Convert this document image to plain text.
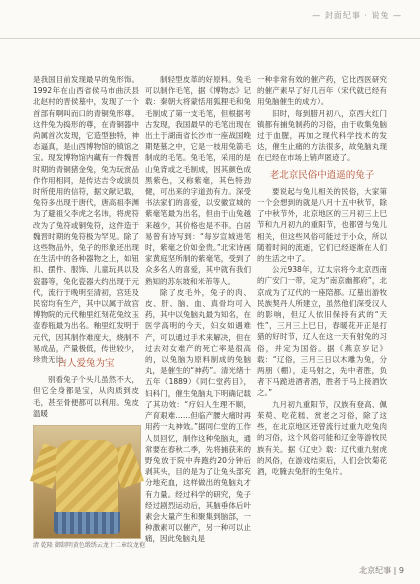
— 封面纪事 · 说兔 —

是我国目前发现最早的兔形饰。1992年在山西省侯马市曲沃县北赵村的晋侯墓中，发现了一个首部有啊叫而口的青铜兔形尊。这件兔为捣形的尊，在青铜器中尚属首次发现，它造型独特，神态逼真，是山西博物馆的镇馆之宝。现发博物馆内藏有一件魏晋时期的青铜猪金兔，兔为玩赏品作作用相同，是传达吉令或演员时所使用的信符，据文献记载，兔符多出现于唐代，唐高祖李渊为了避祖父李虎之名讳，将虎符改为了兔符或铜兔符，这件造于魏晋时期的兔符极为罕见。除了这些物品外，兔子的形象还出现在生活中的各种器物之上，如钮扣、摆件、服饰、儿童玩具以及瓷器等，兔化瓷器大约出现于元代，流行于晚明至清初，宫廷及民窑均有生产，其中以属于故宫博物院的元代釉里红刻花兔纹玉壶春瓶最为出名。釉里红发明于元代，因其制作难度大，烧制不易成品，产量极低，传世较少，珍贵无比。

制轻型皮革的好原料。兔毛可以制作毛笔，据《博物志》记载：秦朝大将蒙恬用狐狸毛和兔毛制成了第一支毛笔，但根据考古发现，我国最早的毛笔出现在出土于湖南省长沙市一座战国晚期楚墓之中，它是一枝用兔箭毛制成的毛笔。兔毛笔，采用的是山兔背或之毛制成，因其颜色成黑紫色，又称紫毫，其色特劲健，可出来的字道劲有力。深受书法家们的喜爱，以安徽宣城的紫毫笔最为出名，但由于山兔越来越少，其价格也是不菲。白居易曾有诗写到：“每岁宣城进笔时，紫毫之价如金贵。”北宋诗画家黄庭坚所制的紫毫笔，受到了众多名人的喜爱，其中就有我们熟知的苏东坡和米芾等人。

除了皮毛外，兔子的肉、皮、肝、脑、血、真骨均可入药，其中以兔脑丸最为知名，在医学高明的今天，妇女如遇难产，可以通过手术来解决，但在过去对女难产的死亡率是很高的，以兔脑为原料制成的兔脑丸，是催生的“神药”。清光绪十五年（1889）《同仁堂药目》，妇科门，催生兔脑丸下明确记载了其功效：“疗妇人生理不顺，产育艰难……但临产腰大痛时再用药一丸神效。”据同仁堂的工作人员回忆，制作这种兔脑丸，通常要在春秋二季，先将捕获来的野兔放于院中奔跑约20分钟后剥其头，目的是为了让兔头部充分地充血，这样做出的兔脑丸才有力量。经过科学的研究，兔子经过剧烈运动后，其脑垂体后叶素会大量产生和聚集到脑部，一种激素可以催产，另一种可以止痛，因此兔脑丸是

一种非常有效的催产药，它比西医研究的催产素早了好几百年（宋代就已经有用兔脑催生的成方）。

旧时，每到腊月初八，京西大红门镇都有捕兔制药的习俗，由于收集兔脑过于血腥，再加之现代科学技术的发达，催生止痛的方法很多，故兔脑丸现在已经在市场上销声匿迹了。

老北京民俗中逍遥的兔子

要说起与兔儿相关的民俗，大家第一个会想到的就是八月十五中秋节，除了中秋节外，北京地区的三月初三上巳节和九月初九的重阳节，也都曾与兔儿相关，但这些风俗可能过于小众，所以随着时间的流逝，它们已经逐渐在人们的生活之中了。

公元938年，辽太宗将今北京西南的广安门一带，定为“南京幽都府”，北京成为了辽代的一座陪都。辽墓出游牧民族契丹人所建立，虽然他们深受汉人的影响，但辽人依旧保持有武的“天性”，三月三上巳日，春暖花开正是打猎的好时节，辽人在这一天有射兔的习俗，并定为国俗。据《燕京岁记》载：“辽俗，三月三日以木雕为兔，分两朋（棚），走马射之，先中者胜，负者下马跪进酒者酒，胜者于马上接酒饮之。”

九月初九重阳节，汉族有登高、佩茱萸、吃花糕、赏老之习俗，除了这些，在北京地区还曾流行过重九吃兔肉的习俗，这个风俗可能和辽金等游牧民族有关。据《辽史》载：辽代重九射虎的风俗，在游戏结束后，人们会饮菊花酒，吃腌去兔肝的生兔片。

古人爱兔为宝

别看兔子个头儿虽然不大，但它全身都是宝，从肉质到皮毛，甚至骨便都可以利用。兔皮温暖

清 乾隆 御制明黄色缎绣云龙十二章纹龙袍
北京纪事 | 9
